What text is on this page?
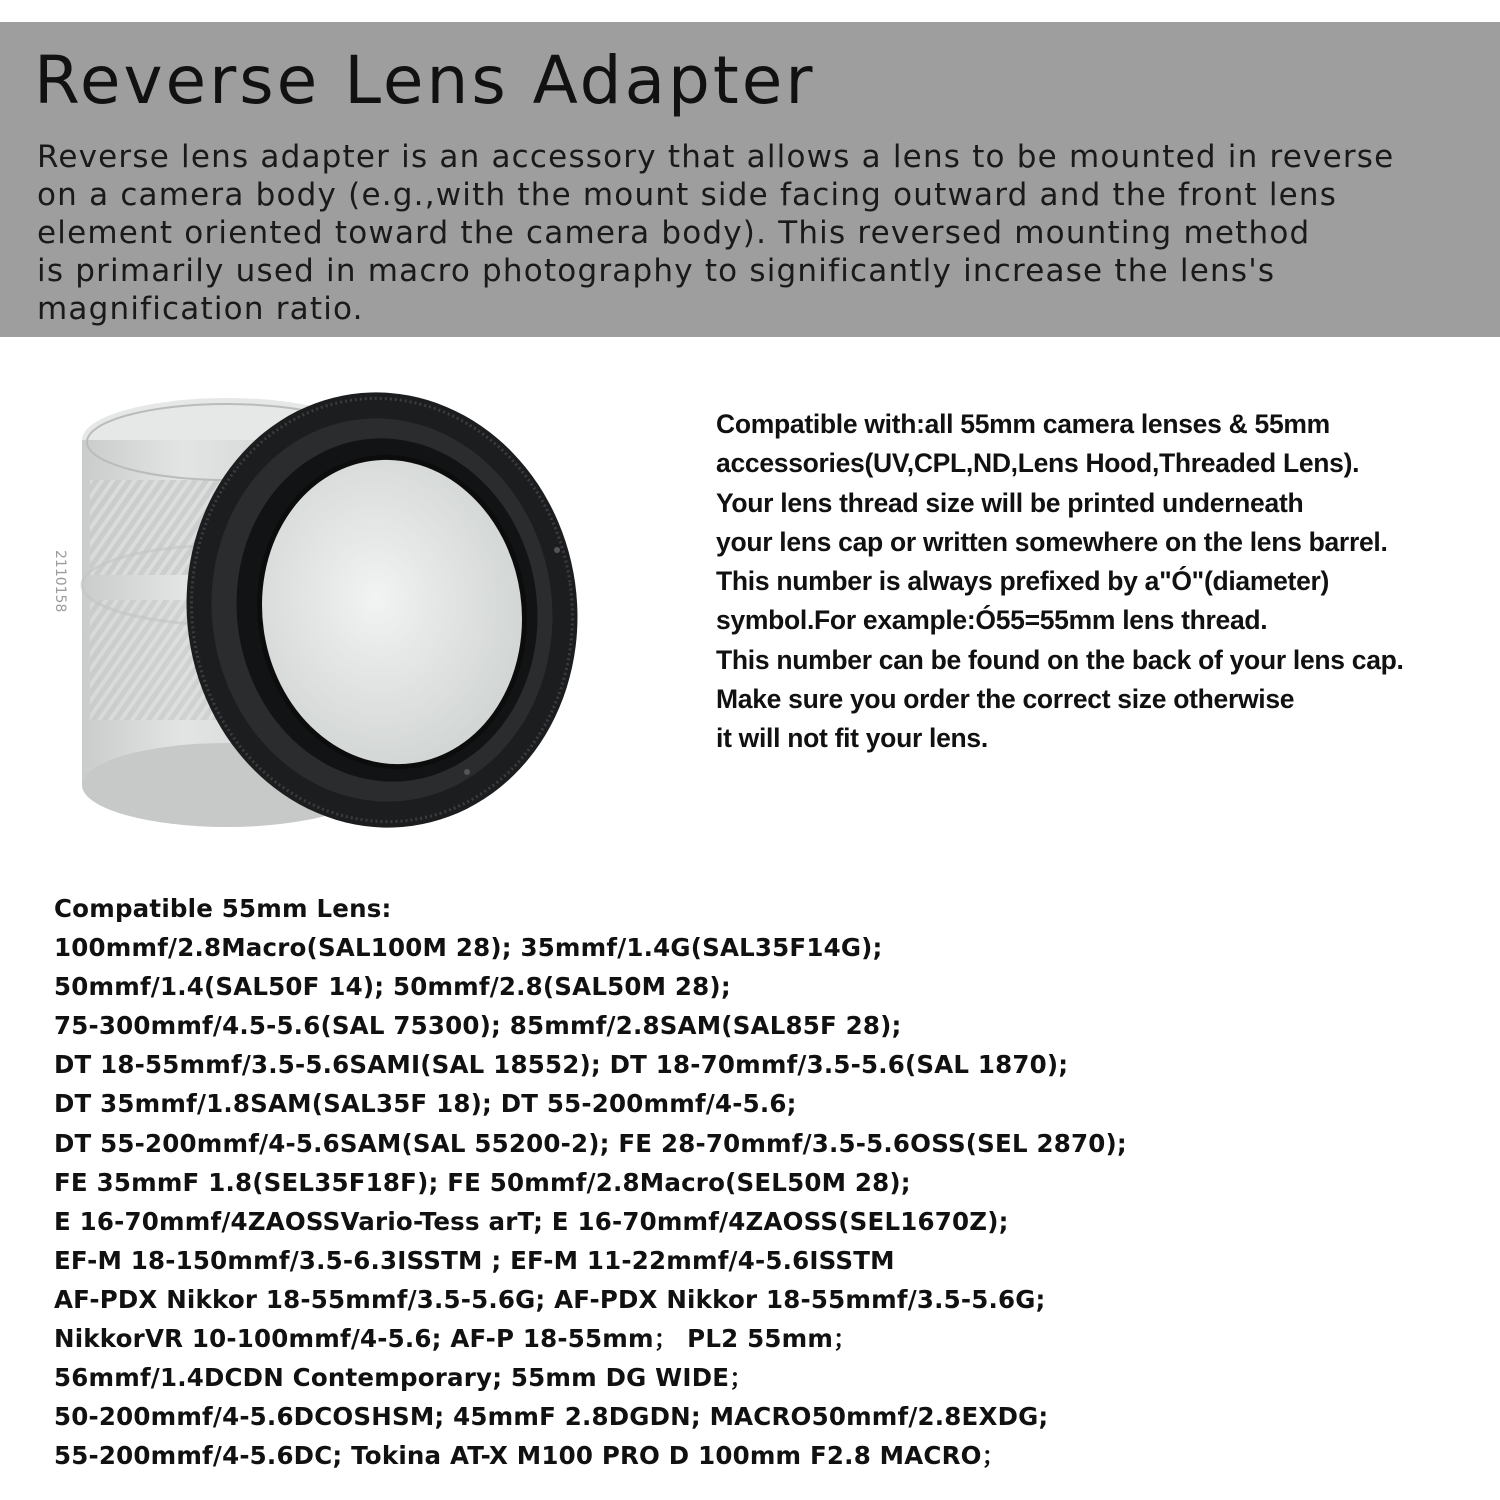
Reverse Lens Adapter
Reverse lens adapter is an accessory that allows a lens to be mounted in reverse
on a camera body (e.g.,with the mount side facing outward and the front lens
element oriented toward the camera body). This reversed mounting method
is primarily used in macro photography to significantly increase the lens's
magnification ratio.
2110158
Compatible with:all 55mm camera lenses & 55mm
accessories(UV,CPL,ND,Lens Hood,Threaded Lens).
Your lens thread size will be printed underneath
your lens cap or written somewhere on the lens barrel.
This number is always prefixed by a"Ó"(diameter)
symbol.For example:Ó55=55mm lens thread.
This number can be found on the back of your lens cap.
Make sure you order the correct size otherwise
it will not fit your lens.
Compatible 55mm Lens:
100mmf/2.8Macro(SAL100M 28); 35mmf/1.4G(SAL35F14G);
50mmf/1.4(SAL50F 14); 50mmf/2.8(SAL50M 28);
75-300mmf/4.5-5.6(SAL 75300); 85mmf/2.8SAM(SAL85F 28);
DT 18-55mmf/3.5-5.6SAMI(SAL 18552); DT 18-70mmf/3.5-5.6(SAL 1870);
DT 35mmf/1.8SAM(SAL35F 18); DT 55-200mmf/4-5.6;
DT 55-200mmf/4-5.6SAM(SAL 55200-2); FE 28-70mmf/3.5-5.6OSS(SEL 2870);
FE 35mmF 1.8(SEL35F18F); FE 50mmf/2.8Macro(SEL50M 28);
E 16-70mmf/4ZAOSSVario-Tess arT; E 16-70mmf/4ZAOSS(SEL1670Z);
EF-M 18-150mmf/3.5-6.3ISSTM ; EF-M 11-22mmf/4-5.6ISSTM
AF-PDX Nikkor 18-55mmf/3.5-5.6G; AF-PDX Nikkor 18-55mmf/3.5-5.6G;
NikkorVR 10-100mmf/4-5.6; AF-P 18-55mm； PL2 55mm；
56mmf/1.4DCDN Contemporary; 55mm DG WIDE；
50-200mmf/4-5.6DCOSHSM; 45mmF 2.8DGDN; MACRO50mmf/2.8EXDG;
55-200mmf/4-5.6DC; Tokina AT-X M100 PRO D 100mm F2.8 MACRO；
